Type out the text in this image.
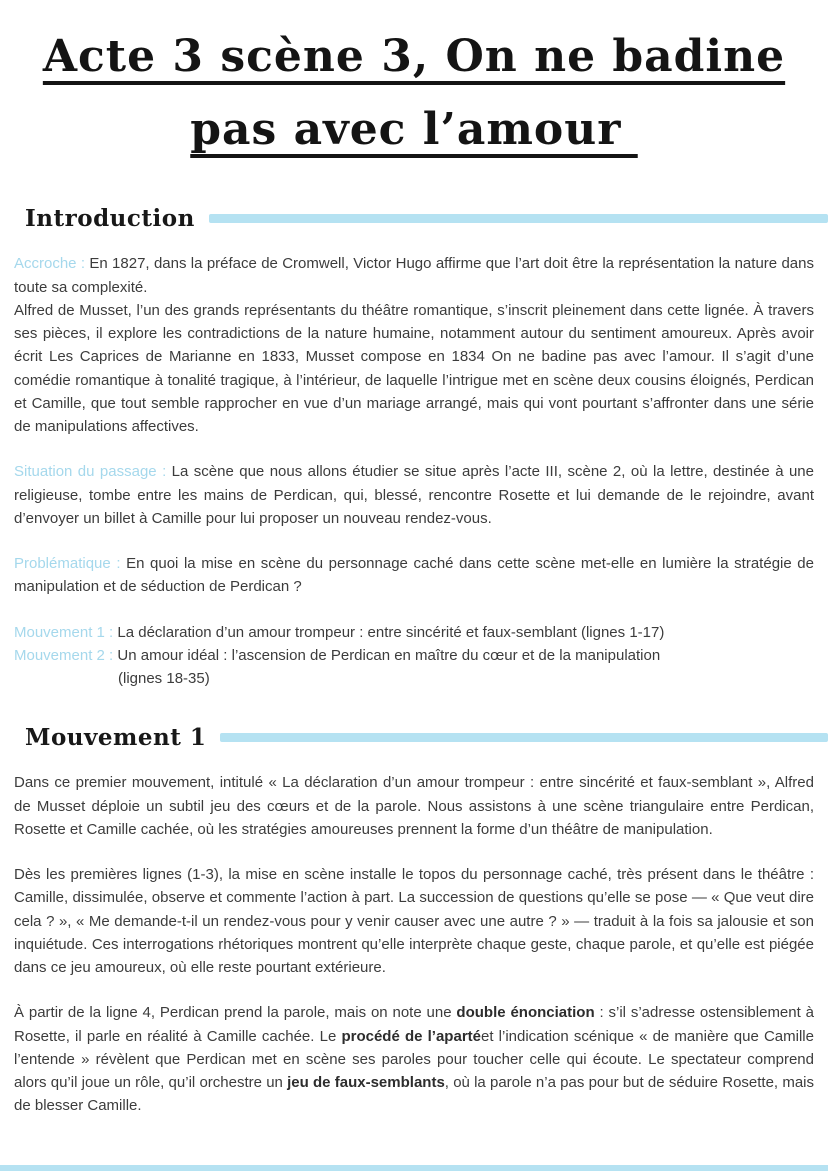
Acte 3 scène 3, On ne badine
pas avec l’amour
Introduction

Accroche : En 1827, dans la préface de Cromwell, Victor Hugo affirme que l’art doit être la représentation la nature dans toute sa complexité.
Alfred de Musset, l’un des grands représentants du théâtre romantique, s’inscrit pleinement dans cette lignée. À travers ses pièces, il explore les contradictions de la nature humaine, notamment autour du sentiment amoureux. Après avoir écrit Les Caprices de Marianne en 1833, Musset compose en 1834 On ne badine pas avec l’amour. Il s’agit d’une comédie romantique à tonalité tragique, à l’intérieur, de laquelle l’intrigue met en scène deux cousins éloignés, Perdican et Camille, que tout semble rapprocher en vue d’un mariage arrangé, mais qui vont pourtant s’affronter dans une série de manipulations affectives.

Situation du passage : La scène que nous allons étudier se situe après l’acte III, scène 2, où la lettre, destinée à une religieuse, tombe entre les mains de Perdican, qui, blessé, rencontre Rosette et lui demande de le rejoindre, avant d’envoyer un billet à Camille pour lui proposer un nouveau rendez-vous.

Problématique : En quoi la mise en scène du personnage caché dans cette scène met-elle en lumière la stratégie de manipulation et de séduction de Perdican ?

Mouvement 1 : La déclaration d’un amour trompeur : entre sincérité et faux-semblant (lignes 1-17)
Mouvement 2 : Un amour idéal : l’ascension de Perdican en maître du cœur et de la manipulation
(lignes 18-35)

Mouvement 1

Dans ce premier mouvement, intitulé « La déclaration d’un amour trompeur : entre sincérité et faux-semblant », Alfred de Musset déploie un subtil jeu des cœurs et de la parole. Nous assistons à une scène triangulaire entre Perdican, Rosette et Camille cachée, où les stratégies amoureuses prennent la forme d’un théâtre de manipulation.

Dès les premières lignes (1-3), la mise en scène installe le topos du personnage caché, très présent dans le théâtre : Camille, dissimulée, observe et commente l’action à part. La succession de questions qu’elle se pose — « Que veut dire cela ? », « Me demande-t-il un rendez-vous pour y venir causer avec une autre ? » — traduit à la fois sa jalousie et son inquiétude. Ces interrogations rhétoriques montrent qu’elle interprète chaque geste, chaque parole, et qu’elle est piégée dans ce jeu amoureux, où elle reste pourtant extérieure.

À partir de la ligne 4, Perdican prend la parole, mais on note une double énonciation : s’il s’adresse ostensiblement à Rosette, il parle en réalité à Camille cachée. Le procédé de l’apartéet l’indication scénique « de manière que Camille l’entende » révèlent que Perdican met en scène ses paroles pour toucher celle qui écoute. Le spectateur comprend alors qu’il joue un rôle, qu’il orchestre un jeu de faux-semblants, où la parole n’a pas pour but de séduire Rosette, mais de blesser Camille.
